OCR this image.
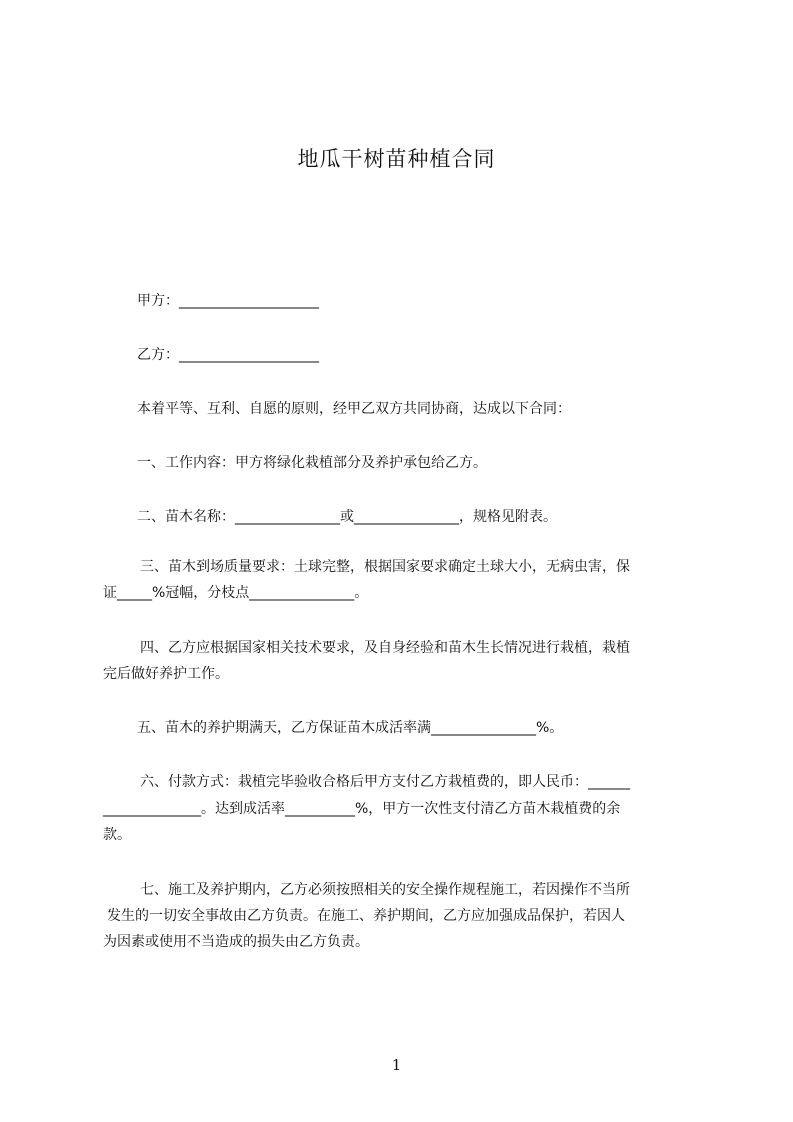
地瓜干树苗种植合同
甲方：____________________
乙方：____________________
本着平等、互利、自愿的原则，经甲乙双方共同协商，达成以下合同：
一、工作内容：甲方将绿化栽植部分及养护承包给乙方。
二、苗木名称：_______________或_______________，规格见附表。
三、苗木到场质量要求：土球完整，根据国家要求确定土球大小，无病虫害，保
证_____%冠幅，分枝点_______________。
四、乙方应根据国家相关技术要求，及自身经验和苗木生长情况进行栽植，栽植
完后做好养护工作。
五、苗木的养护期满天，乙方保证苗木成活率满_______________%。
六、付款方式：栽植完毕验收合格后甲方支付乙方栽植费的，即人民币：______
______________。达到成活率__________%，甲方一次性支付清乙方苗木栽植费的余
款。
七、施工及养护期内，乙方必须按照相关的安全操作规程施工，若因操作不当所
发生的一切安全事故由乙方负责。在施工、养护期间，乙方应加强成品保护，若因人
为因素或使用不当造成的损失由乙方负责。
1
